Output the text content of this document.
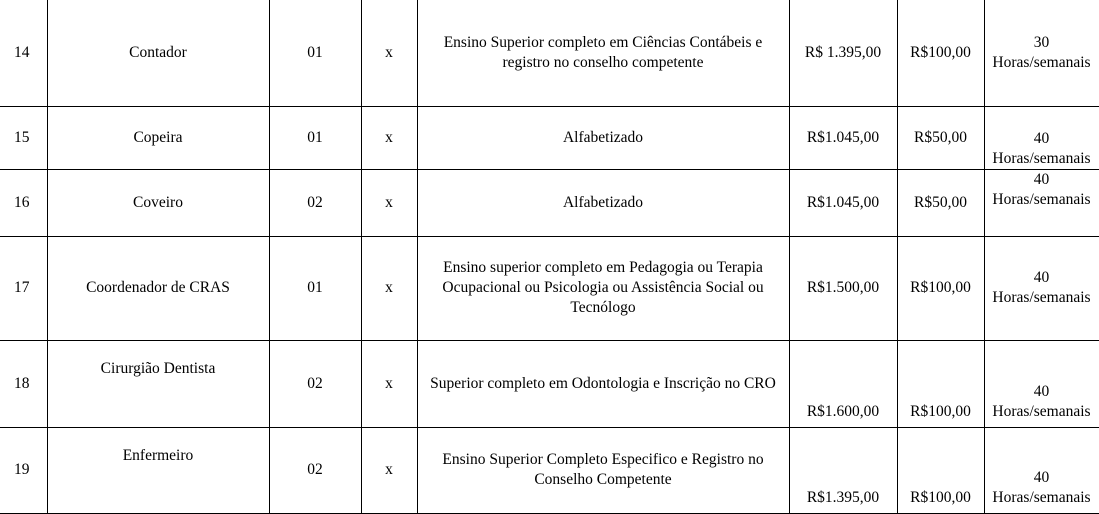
14	Contador	01	x	Ensino Superior completo em Ciências Contábeis e registro no conselho competente	R$ 1.395,00	R$100,00	30
Horas/semanais

15	Copeira	01	x	Alfabetizado	R$1.045,00	R$50,00	40
Horas/semanais

16	Coveiro	02	x	Alfabetizado	R$1.045,00	R$50,00	40
Horas/semanais

17	Coordenador de CRAS	01	x	Ensino superior completo em Pedagogia ou Terapia Ocupacional ou Psicologia ou Assistência Social ou Tecnólogo	R$1.500,00	R$100,00	40
Horas/semanais

18	Cirurgião Dentista	02	x	Superior completo em Odontologia e Inscrição no CRO	R$1.600,00	R$100,00	40
Horas/semanais

19	Enfermeiro	02	x	Ensino Superior Completo Especifico e Registro no Conselho Competente	R$1.395,00	R$100,00	40
Horas/semanais
